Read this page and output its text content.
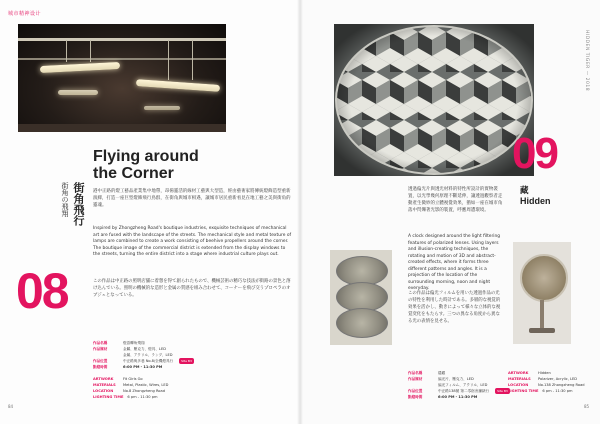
城市精神设计
Flying around the Corner
街角飛行
街角の飛翔	港中正路的燈工藝品產業集中地帶，昂揚靈活的線材工藝與大型造，經由藝術家將傳統燈飾造型重新演繹，打造一座巨型燈飾飛行鳥群，在街角與城市相遇，讓城市居民重新看見在地工藝之美與街角的靈魂。
Inspired by Zhongzheng Road's boutique industries, exquisite techniques of mechanical art are fused with the landscape of the streets. The mechanical style and metal texture of lamps are combined to create a work consisting of beehive propellers around the corner. The boutique image of the commercial district is extended from the display windows to the streets, turning the entire district into a stage where industrial culture plays out.
この作品は中正路の照明店舗に着想を得て創られたもので、機械芸術の精巧な技法が街路の景色と溶け込んでいる。照明の機械的な造形と金属の質感を組み合わせて、コーナーを飛び交うプロペラのオブジェとなっている。
08
作品名稱	燈語轉角飛翔
作品媒材	金屬、壓克力、燈具、LED
金属、アクリル、ランプ、LED
作品位置	中正路與多巷 No.8/全機燈具行	SIte B3
點燈時間	6:00 PM - 11:30 PM
ARTWORK	Fit Girls Go
MATERIALS	Metal, Plastic, Wires, LED
LOCATION	No.8 Zhongzheng Road
LIGHTING TIME 6 pm - 11:30 pm
84
HIDDEN TIGER — 2018
09
藏
Hidden
透過偏光片與透光材料的特性所設計的實物裝置，以光學幾何原理不斷延伸，讓透過觀察者走動產生微妙的立體視覺效果，猶如一座在城市角落中閃爍著光影的裝置，呼應周遭環境。
A clock designed around the light filtering features of polarized lenses. Using layers and illusion-creating techniques, the rotating and motion of 3D and abstract-created effects, where it forms three different patterns and angles. It is a projection of the location of the surrounding morning, noon and night everyday.
この作品は偏光フィルムを用いた透過作品の光の特性を利用した時計である。多層的な視覚的効果を活かし、動きによって様々な立体的な視覚変化をもたらす。三つの異なる角度から異なる光の表情を見せる。
作品名稱	隱藏
作品媒材	偏光片、壓克力、LED
偏光フィルム、アクリル、LED
作品位置	中正路138號 第二零宿舍鐘錶行	Site B3
點燈時間	6:00 PM - 11:30 PM
ARTWORK	Hidden
MATERIALS	Polarizer, Acrylic, LED
LOCATION	No.138 Zhongzheng Road
LIGHTING TIME 6 pm - 11:30 pm
85
